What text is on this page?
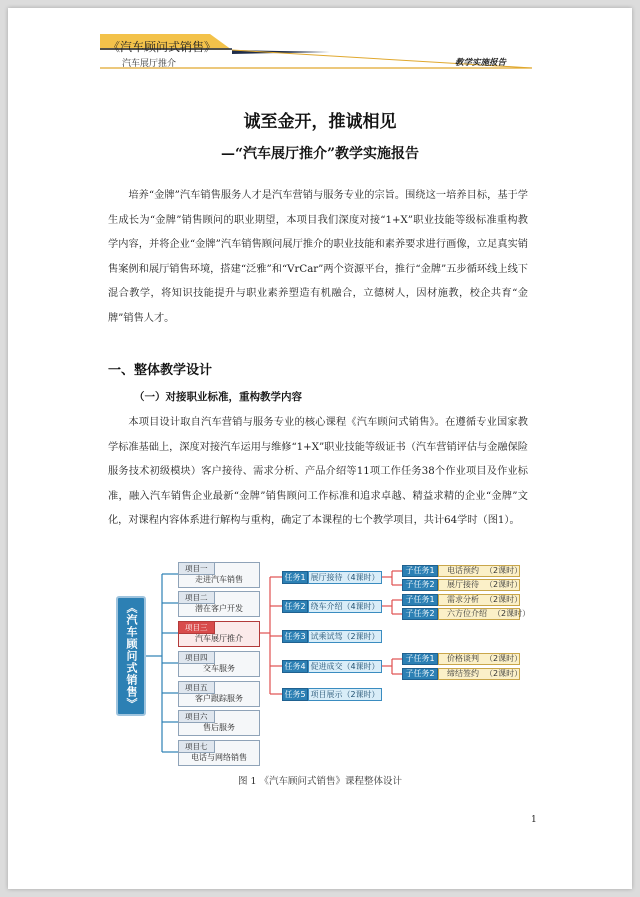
《汽车顾问式销售》
汽车展厅推介	教学实施报告
诚至金开，推诚相见
—“汽车展厅推介”教学实施报告

培养“金牌”汽车销售服务人才是汽车营销与服务专业的宗旨。围绕这一培养目标，基于学生成长为“金牌”销售顾问的职业期望，本项目我们深度对接“1+X”职业技能等级标准重构教学内容，并将企业“金牌”汽车销售顾问展厅推介的职业技能和素养要求进行画像，立足真实销售案例和展厅销售环境，搭建“泛雅”和“VrCar”两个资源平台，推行“金牌”五步循环线上线下混合教学，将知识技能提升与职业素养塑造有机融合，立德树人，因材施教，校企共育“金牌”销售人才。

一、整体教学设计
（一）对接职业标准，重构教学内容

本项目设计取自汽车营销与服务专业的核心课程《汽车顾问式销售》。在遵循专业国家教学标准基础上，深度对接汽车运用与维修“1+X”职业技能等级证书（汽车营销评估与金融保险服务技术初级模块）客户接待、需求分析、产品介绍等11项工作任务38个作业项目及作业标准，融入汽车销售企业最新“金牌”销售顾问工作标准和追求卓越、精益求精的企业“金牌”文化，对课程内容体系进行解构与重构，确定了本课程的七个教学项目，共计64学时（图1）。

《汽车顾问式销售》
项目一
走进汽车销售
项目二
潜在客户开发
项目三
汽车展厅推介
项目四
交车服务
项目五
客户跟踪服务
项目六
售后服务
项目七
电话与网络销售
任务1 展厅接待（4课时）
任务2 绕车介绍（4课时）
任务3 试乘试驾（2课时）
任务4 促进成交（4课时）
任务5 项目展示（2课时）
子任务1	电话预约 （2课时）
子任务2	展厅接待 （2课时）
子任务1	需求分析 （2课时）
子任务2	六方位介绍 （2课时）
子任务1	价格谈判 （2课时）
子任务2	缔结签约 （2课时）
图 1 《汽车顾问式销售》课程整体设计
1
